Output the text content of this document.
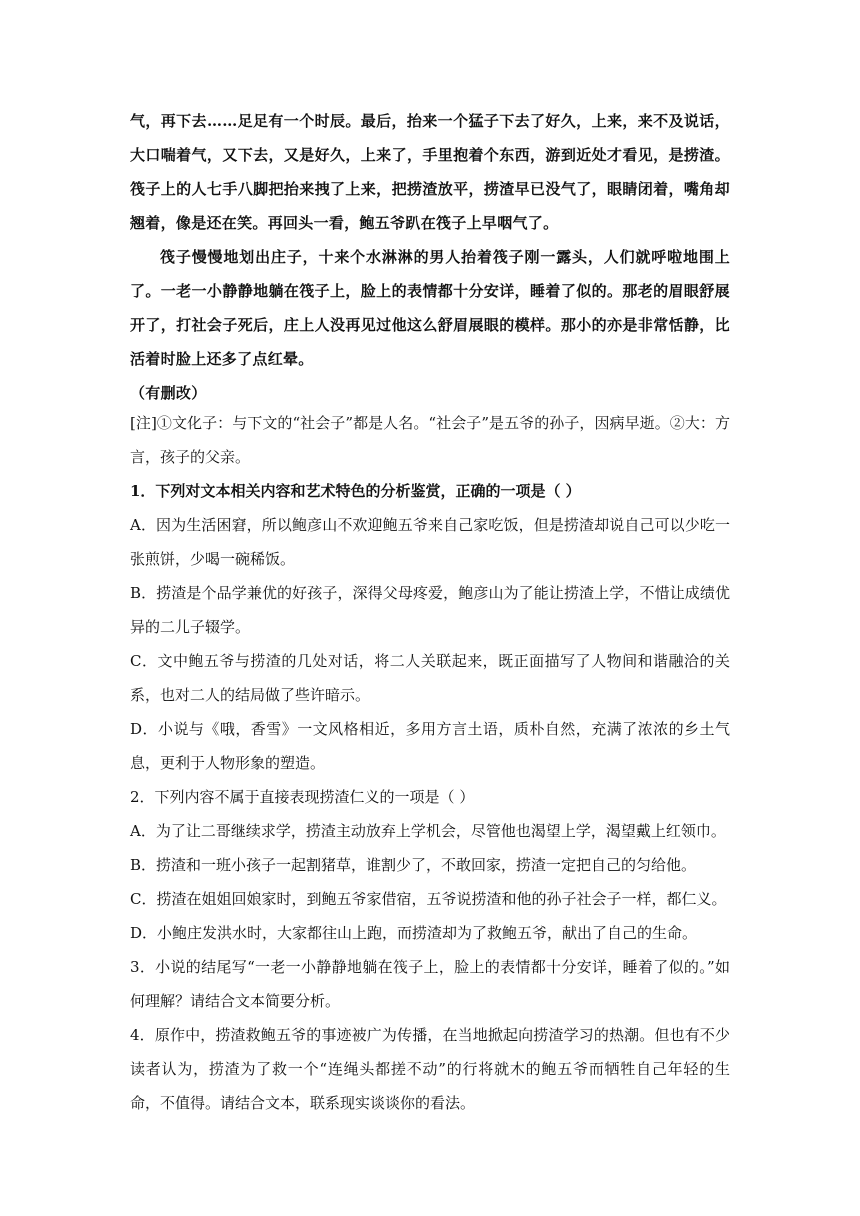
气，再下去……足足有一个时辰。最后，抬来一个猛子下去了好久，上来，来不及说话，大口喘着气，又下去，又是好久，上来了，手里抱着个东西，游到近处才看见，是捞渣。筏子上的人七手八脚把抬来拽了上来，把捞渣放平，捞渣早已没气了，眼睛闭着，嘴角却翘着，像是还在笑。再回头一看，鲍五爷趴在筏子上早咽气了。

筏子慢慢地划出庄子，十来个水淋淋的男人抬着筏子刚一露头，人们就呼啦地围上了。一老一小静静地躺在筏子上，脸上的表情都十分安详，睡着了似的。那老的眉眼舒展开了，打社会子死后，庄上人没再见过他这么舒眉展眼的模样。那小的亦是非常恬静，比活着时脸上还多了点红晕。

（有删改）

[注]①文化子：与下文的“社会子”都是人名。“社会子”是五爷的孙子，因病早逝。②大：方言，孩子的父亲。

1．下列对文本相关内容和艺术特色的分析鉴赏，正确的一项是（ ）

A．因为生活困窘，所以鲍彦山不欢迎鲍五爷来自己家吃饭，但是捞渣却说自己可以少吃一张煎饼，少喝一碗稀饭。

B．捞渣是个品学兼优的好孩子，深得父母疼爱，鲍彦山为了能让捞渣上学，不惜让成绩优异的二儿子辍学。

C．文中鲍五爷与捞渣的几处对话，将二人关联起来，既正面描写了人物间和谐融洽的关系，也对二人的结局做了些许暗示。

D．小说与《哦，香雪》一文风格相近，多用方言土语，质朴自然，充满了浓浓的乡土气息，更利于人物形象的塑造。

2．下列内容不属于直接表现捞渣仁义的一项是（ ）

A．为了让二哥继续求学，捞渣主动放弃上学机会，尽管他也渴望上学，渴望戴上红领巾。

B．捞渣和一班小孩子一起割猪草，谁割少了，不敢回家，捞渣一定把自己的匀给他。

C．捞渣在姐姐回娘家时，到鲍五爷家借宿，五爷说捞渣和他的孙子社会子一样，都仁义。

D．小鲍庄发洪水时，大家都往山上跑，而捞渣却为了救鲍五爷，献出了自己的生命。

3．小说的结尾写“一老一小静静地躺在筏子上，脸上的表情都十分安详，睡着了似的。”如何理解？请结合文本简要分析。

4．原作中，捞渣救鲍五爷的事迹被广为传播，在当地掀起向捞渣学习的热潮。但也有不少读者认为，捞渣为了救一个“连绳头都搓不动”的行将就木的鲍五爷而牺牲自己年轻的生命，不值得。请结合文本，联系现实谈谈你的看法。
